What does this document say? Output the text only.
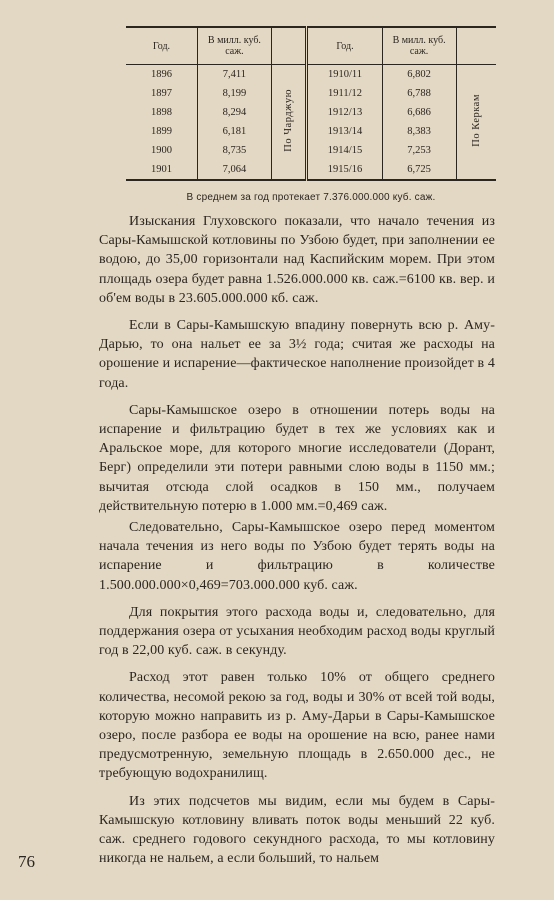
Год.	В милл. куб. саж.		Год.	В милл. куб. саж.	
1896	7,411	По Чарджую	1910/11	6,802	По Керкам
1897	8,199		1911/12	6,788	
1898	8,294		1912/13	6,686	
1899	6,181		1913/14	8,383	
1900	8,735		1914/15	7,253	
1901	7,064		1915/16	6,725	
В среднем за год протекает 7.376.000.000 куб. саж.

Изыскания Глуховского показали, что начало течения из Сары-Камышской котловины по Узбою будет, при заполнении ее водою, до 35,00 горизонтали над Каспийским морем. При этом площадь озера будет равна 1.526.000.000 кв. саж.=6100 кв. вер. и об'ем воды в 23.605.000.000 кб. саж.

Если в Сары-Камышскую впадину повернуть всю р. Аму-Дарью, то она нальет ее за 3½ года; считая же расходы на орошение и испарение—фактическое наполнение произойдет в 4 года.

Сары-Камышское озеро в отношении потерь воды на испарение и фильтрацию будет в тех же условиях как и Аральское море, для которого многие исследователи (Дорант, Берг) определили эти потери равными слою воды в 1150 мм.; вычитая отсюда слой осадков в 150 мм., получаем действительную потерю в 1.000 мм.=0,469 саж.

Следовательно, Сары-Камышское озеро перед моментом начала течения из него воды по Узбою будет терять воды на испарение и фильтрацию в количестве 1.500.000.000×0,469=703.000.000 куб. саж.

Для покрытия этого расхода воды и, следовательно, для поддержания озера от усыхания необходим расход воды круглый год в 22,00 куб. саж. в секунду.

Расход этот равен только 10% от общего среднего количества, несомой рекою за год, воды и 30% от всей той воды, которую можно направить из р. Аму-Дарьи в Сары-Камышское озеро, после разбора ее воды на орошение на всю, ранее нами предусмотренную, земельную площадь в 2.650.000 дес., не требующую водохранилищ.

Из этих подсчетов мы видим, если мы будем в Сары-Камышскую котловину вливать поток воды меньший 22 куб. саж. среднего годового секундного расхода, то мы котловину никогда не нальем, а если больший, то нальем

76
